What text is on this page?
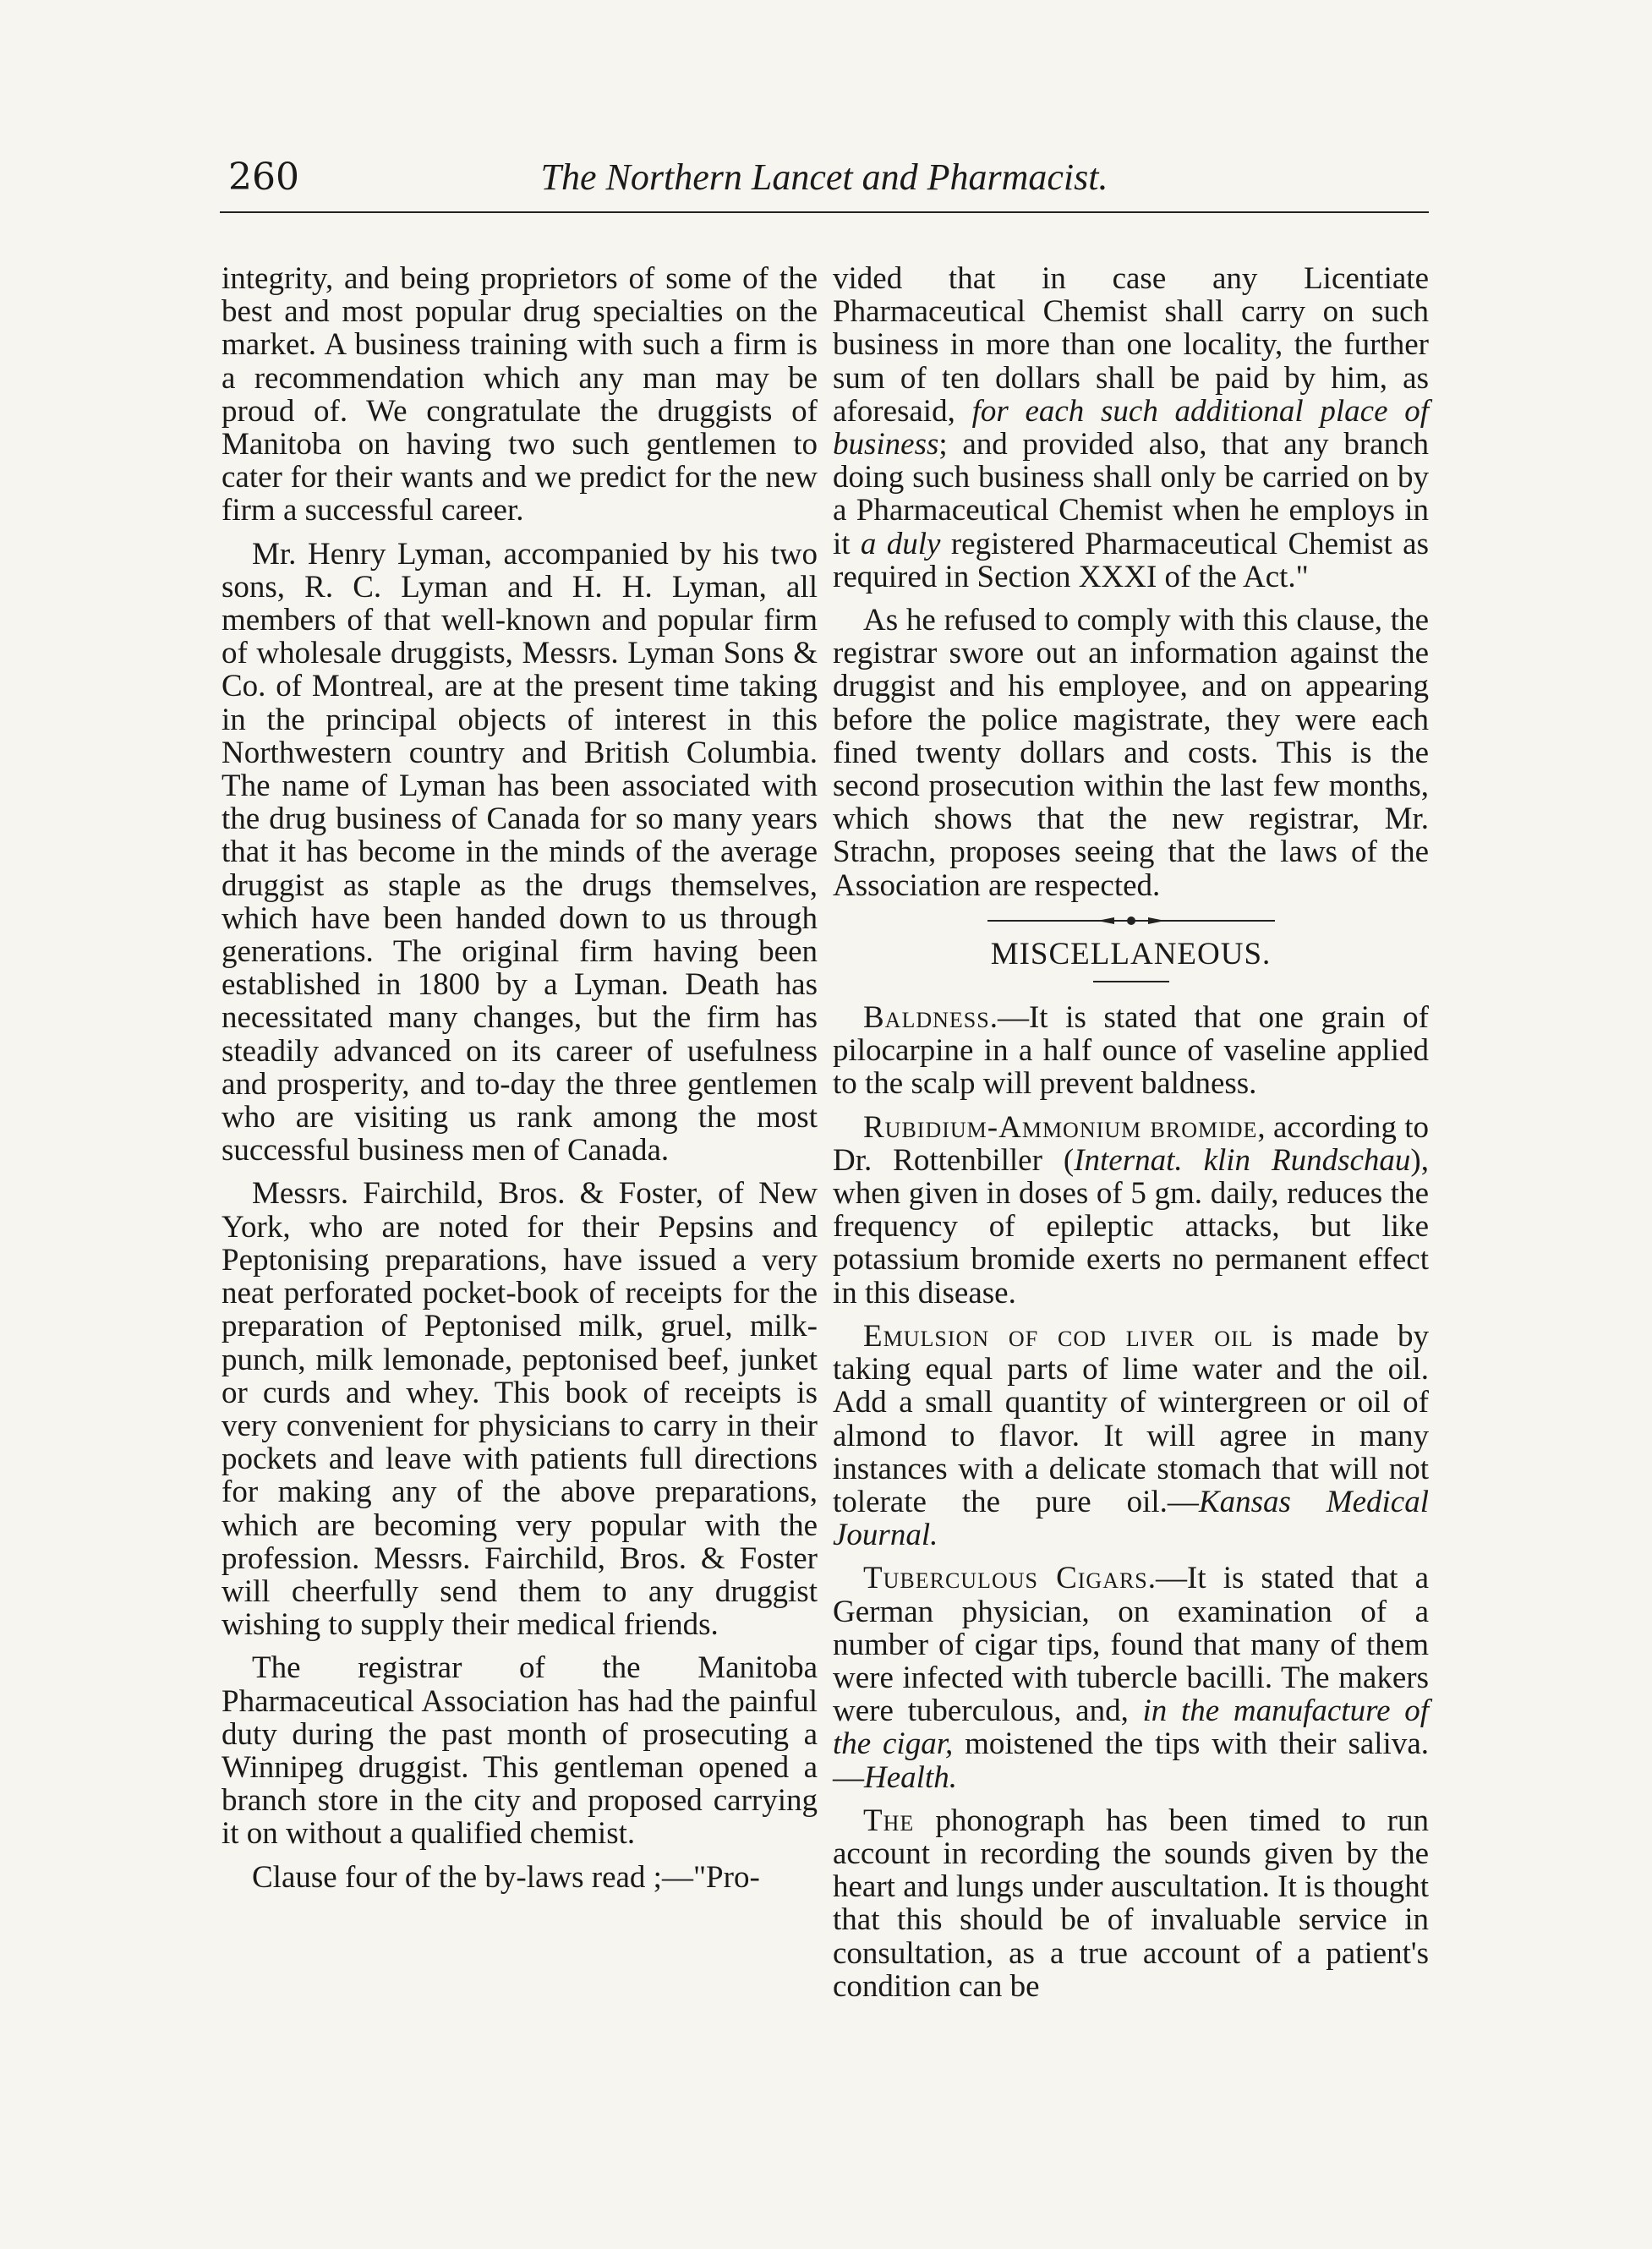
260	The Northern Lancet and Pharmacist.

integrity, and being proprietors of some of the best and most popular drug specialties on the market. A business training with such a firm is a recommendation which any man may be proud of. We congratulate the druggists of Manitoba on having two such gentlemen to cater for their wants and we predict for the new firm a successful career.

Mr. Henry Lyman, accompanied by his two sons, R. C. Lyman and H. H. Lyman, all members of that well-known and popular firm of wholesale druggists, Messrs. Lyman Sons & Co. of Montreal, are at the present time taking in the principal objects of interest in this Northwestern country and British Columbia. The name of Lyman has been associated with the drug business of Canada for so many years that it has become in the minds of the average druggist as staple as the drugs themselves, which have been handed down to us through generations. The original firm having been established in 1800 by a Lyman. Death has necessitated many changes, but the firm has steadily advanced on its career of usefulness and prosperity, and to-day the three gentlemen who are visiting us rank among the most successful business men of Canada.

Messrs. Fairchild, Bros. & Foster, of New York, who are noted for their Pepsins and Peptonising preparations, have issued a very neat perforated pocket-book of receipts for the preparation of Peptonised milk, gruel, milk-punch, milk lemonade, peptonised beef, junket or curds and whey. This book of receipts is very convenient for physicians to carry in their pockets and leave with patients full directions for making any of the above preparations, which are becoming very popular with the profession. Messrs. Fairchild, Bros. & Foster will cheerfully send them to any druggist wishing to supply their medical friends.

The registrar of the Manitoba Pharmaceutical Association has had the painful duty during the past month of prosecuting a Winnipeg druggist. This gentleman opened a branch store in the city and proposed carrying it on without a qualified chemist.

Clause four of the by-laws read ;—"Pro-

vided that in case any Licentiate Pharmaceutical Chemist shall carry on such business in more than one locality, the further sum of ten dollars shall be paid by him, as aforesaid, for each such additional place of business; and provided also, that any branch doing such business shall only be carried on by a Pharmaceutical Chemist when he employs in it a duly registered Pharmaceutical Chemist as required in Section XXXI of the Act."

As he refused to comply with this clause, the registrar swore out an information against the druggist and his employee, and on appearing before the police magistrate, they were each fined twenty dollars and costs. This is the second prosecution within the last few months, which shows that the new registrar, Mr. Strachn, proposes seeing that the laws of the Association are respected.

MISCELLANEOUS.

Baldness.—It is stated that one grain of pilocarpine in a half ounce of vaseline applied to the scalp will prevent baldness.

Rubidium-Ammonium bromide, according to Dr. Rottenbiller (Internat. klin Rundschau), when given in doses of 5 gm. daily, reduces the frequency of epileptic attacks, but like potassium bromide exerts no permanent effect in this disease.

Emulsion of cod liver oil is made by taking equal parts of lime water and the oil. Add a small quantity of wintergreen or oil of almond to flavor. It will agree in many instances with a delicate stomach that will not tolerate the pure oil.—Kansas Medical Journal.

Tuberculous Cigars.—It is stated that a German physician, on examination of a number of cigar tips, found that many of them were infected with tubercle bacilli. The makers were tuberculous, and, in the manufacture of the cigar, moistened the tips with their saliva.—Health.

The phonograph has been timed to run account in recording the sounds given by the heart and lungs under auscultation. It is thought that this should be of invaluable service in consultation, as a true account of a patient's condition can be
